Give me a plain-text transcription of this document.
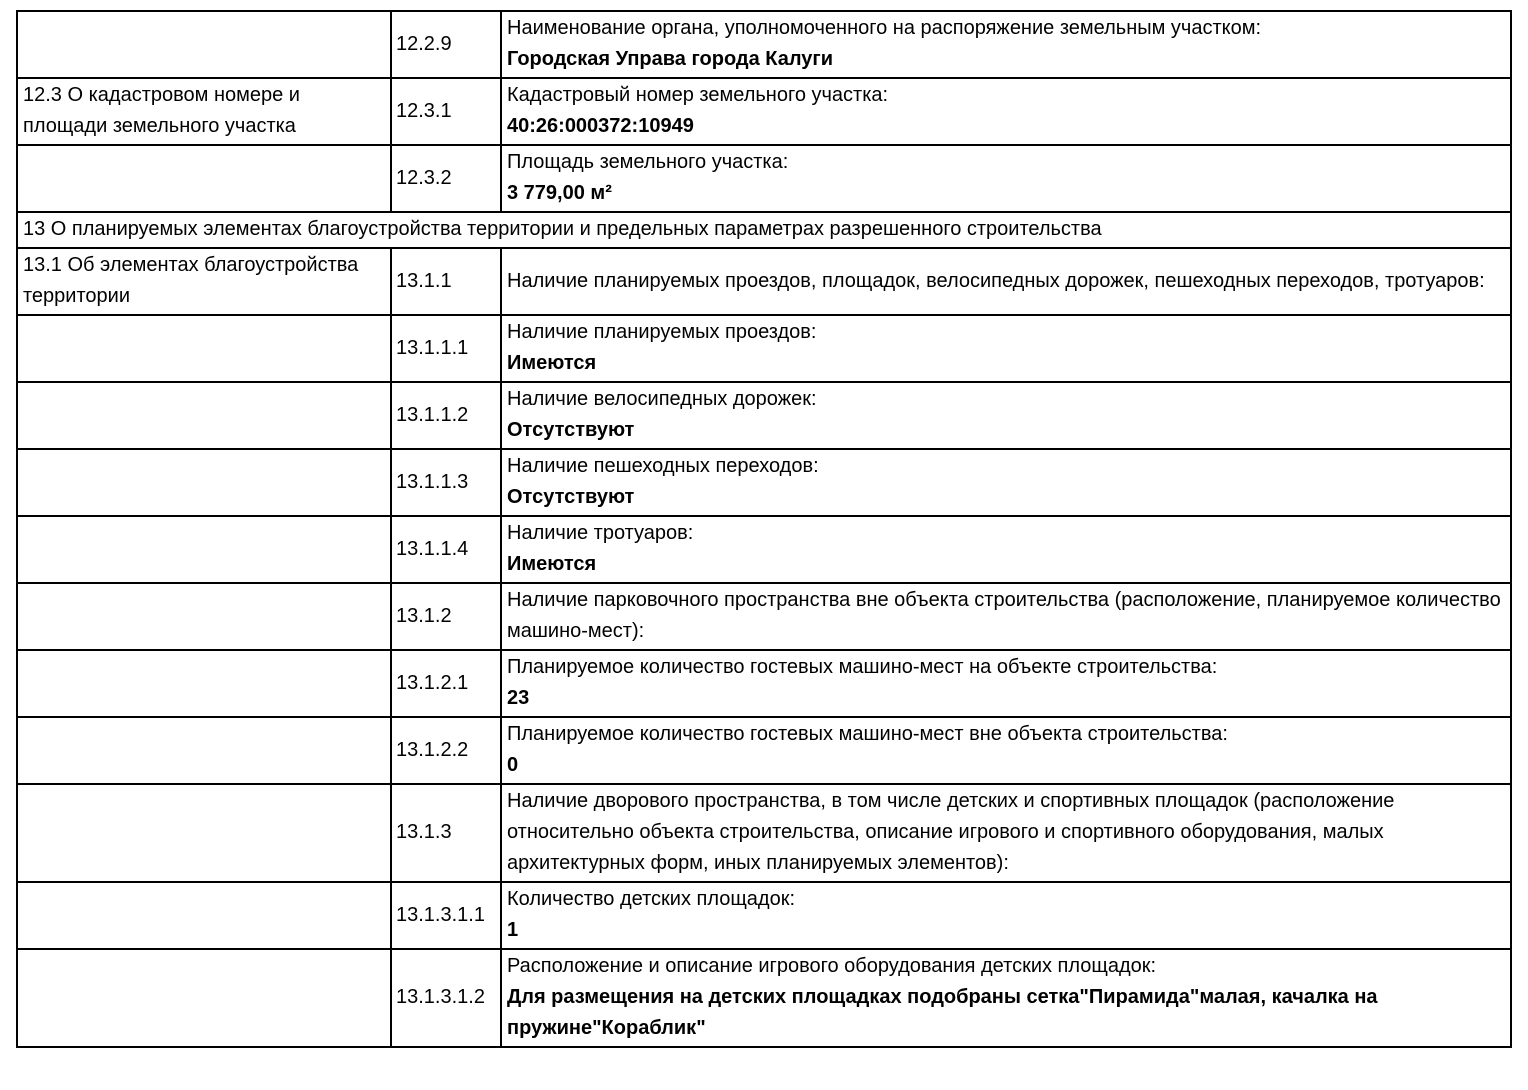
	12.2.9	Наименование органа, уполномоченного на распоряжение земельным участком:
Городская Управа города Калуги

12.3 О кадастровом номере и площади земельного участка	12.3.1	Кадастровый номер земельного участка:
40:26:000372:10949

	12.3.2	Площадь земельного участка:
3 779,00 м²

13 О планируемых элементах благоустройства территории и предельных параметрах разрешенного строительства		
13.1 Об элементах благоустройства территории	13.1.1	Наличие планируемых проездов, площадок, велосипедных дорожек, пешеходных переходов, тротуаров:

	13.1.1.1	Наличие планируемых проездов:
Имеются

	13.1.1.2	Наличие велосипедных дорожек:
Отсутствуют

	13.1.1.3	Наличие пешеходных переходов:
Отсутствуют

	13.1.1.4	Наличие тротуаров:
Имеются

	13.1.2	Наличие парковочного пространства вне объекта строительства (расположение, планируемое количество машино-мест):

	13.1.2.1	Планируемое количество гостевых машино-мест на объекте строительства:
23

	13.1.2.2	Планируемое количество гостевых машино-мест вне объекта строительства:
0

	13.1.3	Наличие дворового пространства, в том числе детских и спортивных площадок (расположение относительно объекта строительства, описание игрового и спортивного оборудования, малых архитектурных форм, иных планируемых элементов):

	13.1.3.1.1	Количество детских площадок:
1

	13.1.3.1.2	Расположение и описание игрового оборудования детских площадок:
Для размещения на детских площадках подобраны сетка"Пирамида"малая, качалка на пружине"Кораблик"
